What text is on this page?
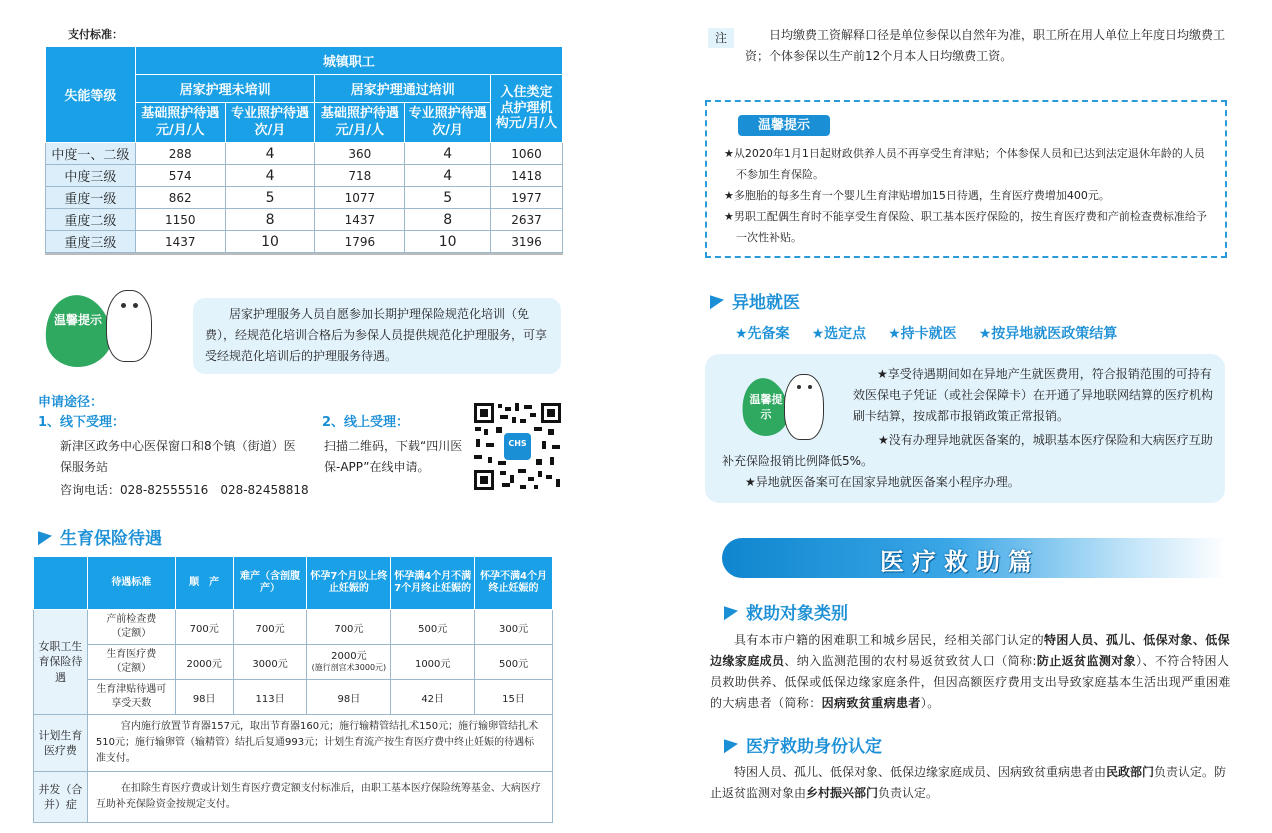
支付标准：
失能等级	城镇职工				
	居家护理未培训		居家护理通过培训		入住类定点护理机构元/月/人
	基础照护待遇元/月/人	专业照护待遇次/月	基础照护待遇元/月/人	专业照护待遇次/月	
中度一、二级	288	4	360	4	1060
中度三级	574	4	718	4	1418
重度一级	862	5	1077	5	1977
重度二级	1150	8	1437	8	2637
重度三级	1437	10	1796	10	3196
温馨提示	居家护理服务人员自愿参加长期护理保险规范化培训（免费），经规范化培训合格后为参保人员提供规范化护理服务，可享受经规范化培训后的护理服务待遇。
申请途径：
1、线下受理：
新津区政务中心医保窗口和8个镇（街道）医保服务站
咨询电话：028-82555516　028-82458818
2、线上受理：
扫描二维码，下载“四川医保-APP”在线申请。
CHS
生育保险待遇
	待遇标准	顺　产	难产（含剖腹产）	怀孕7个月以上终止妊娠的	怀孕满4个月不满7个月终止妊娠的	怀孕不满4个月终止妊娠的
女职工生育保险待遇	产前检查费（定额）	700元	700元	700元	500元	300元
	生育医疗费（定额）	2000元	3000元	2000元
(施行剖宫术3000元)	1000元	500元
	生育津贴待遇可享受天数	98日	113日	98日	42日	15日
计划生育医疗费	宫内施行放置节育器157元，取出节育器160元；施行输精管结扎术150元；施行输卵管结扎术510元；施行输卵管（输精管）结扎后复通993元；计划生育流产按生育医疗费中终止妊娠的待遇标准支付。					
并发（合并）症	在扣除生育医疗费或计划生育医疗费定额支付标准后，由职工基本医疗保险统筹基金、大病医疗互助补充保险资金按规定支付。					
注	日均缴费工资解释口径是单位参保以自然年为准，职工所在用人单位上年度日均缴费工资；个体参保以生产前12个月本人日均缴费工资。
温馨提示
★从2020年1月1日起财政供养人员不再享受生育津贴；个体参保人员和已达到法定退休年龄的人员不参加生育保险。
★多胞胎的每多生育一个婴儿生育津贴增加15日待遇，生育医疗费增加400元。
★男职工配偶生育时不能享受生育保险、职工基本医疗保险的，按生育医疗费和产前检查费标准给予一次性补贴。
异地就医
★先备案 ★选定点 ★持卡就医 ★按异地就医政策结算
温馨提示
★享受待遇期间如在异地产生就医费用，符合报销范围的可持有效医保电子凭证（或社会保障卡）在开通了异地联网结算的医疗机构刷卡结算，按成都市报销政策正常报销。
★没有办理异地就医备案的，城职基本医疗保险和大病医疗互助补充保险报销比例降低5%。
★异地就医备案可在国家异地就医备案小程序办理。
医疗救助篇
救助对象类别
具有本市户籍的困难职工和城乡居民，经相关部门认定的特困人员、孤儿、低保对象、低保边缘家庭成员、纳入监测范围的农村易返贫致贫人口（简称:防止返贫监测对象）、不符合特困人员救助供养、低保或低保边缘家庭条件，但因高额医疗费用支出导致家庭基本生活出现严重困难的大病患者（简称：因病致贫重病患者）。
医疗救助身份认定
特困人员、孤儿、低保对象、低保边缘家庭成员、因病致贫重病患者由民政部门负责认定。防止返贫监测对象由乡村振兴部门负责认定。
